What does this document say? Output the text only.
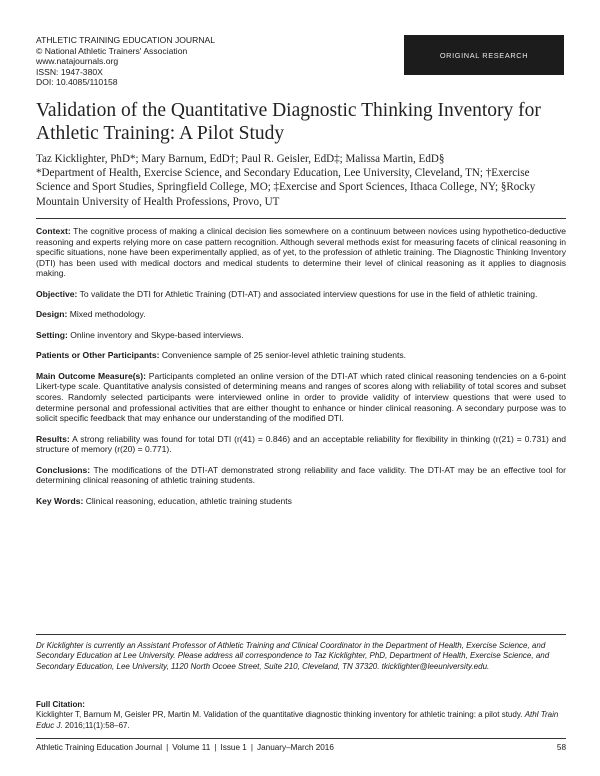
ATHLETIC TRAINING EDUCATION JOURNAL
© National Athletic Trainers' Association
www.natajournals.org
ISSN: 1947-380X
DOI: 10.4085/110158
ORIGINAL RESEARCH
Validation of the Quantitative Diagnostic Thinking Inventory for Athletic Training: A Pilot Study
Taz Kicklighter, PhD*; Mary Barnum, EdD†; Paul R. Geisler, EdD‡; Malissa Martin, EdD§
*Department of Health, Exercise Science, and Secondary Education, Lee University, Cleveland, TN; †Exercise Science and Sport Studies, Springfield College, MO; ‡Exercise and Sport Sciences, Ithaca College, NY; §Rocky Mountain University of Health Professions, Provo, UT

Context: The cognitive process of making a clinical decision lies somewhere on a continuum between novices using hypothetico-deductive reasoning and experts relying more on case pattern recognition. Although several methods exist for measuring facets of clinical reasoning in specific situations, none have been experimentally applied, as of yet, to the profession of athletic training. The Diagnostic Thinking Inventory (DTI) has been used with medical doctors and medical students to determine their level of clinical reasoning as it applies to diagnosis making.

Objective: To validate the DTI for Athletic Training (DTI-AT) and associated interview questions for use in the field of athletic training.

Design: Mixed methodology.

Setting: Online inventory and Skype-based interviews.

Patients or Other Participants: Convenience sample of 25 senior-level athletic training students.

Main Outcome Measure(s): Participants completed an online version of the DTI-AT which rated clinical reasoning tendencies on a 6-point Likert-type scale. Quantitative analysis consisted of determining means and ranges of scores along with reliability of total scores and subset scores. Randomly selected participants were interviewed online in order to provide validity of interview questions that were used to determine personal and professional activities that are either thought to enhance or hinder clinical reasoning. A secondary purpose was to solicit specific feedback that may enhance our understanding of the modified DTI.

Results: A strong reliability was found for total DTI (r(41) = 0.846) and an acceptable reliability for flexibility in thinking (r(21) = 0.731) and structure of memory (r(20) = 0.771).

Conclusions: The modifications of the DTI-AT demonstrated strong reliability and face validity. The DTI-AT may be an effective tool for determining clinical reasoning of athletic training students.

Key Words: Clinical reasoning, education, athletic training students

Dr Kicklighter is currently an Assistant Professor of Athletic Training and Clinical Coordinator in the Department of Health, Exercise Science, and Secondary Education at Lee University. Please address all correspondence to Taz Kicklighter, PhD, Department of Health, Exercise Science, and Secondary Education, Lee University, 1120 North Ocoee Street, Suite 210, Cleveland, TN 37320. tkicklighter@leeuniversity.edu.
Full Citation:
Kicklighter T, Barnum M, Geisler PR, Martin M. Validation of the quantitative diagnostic thinking inventory for athletic training: a pilot study. Athl Train Educ J. 2016;11(1):58–67.
Athletic Training Education Journal | Volume 11 | Issue 1 | January–March 2016	58
